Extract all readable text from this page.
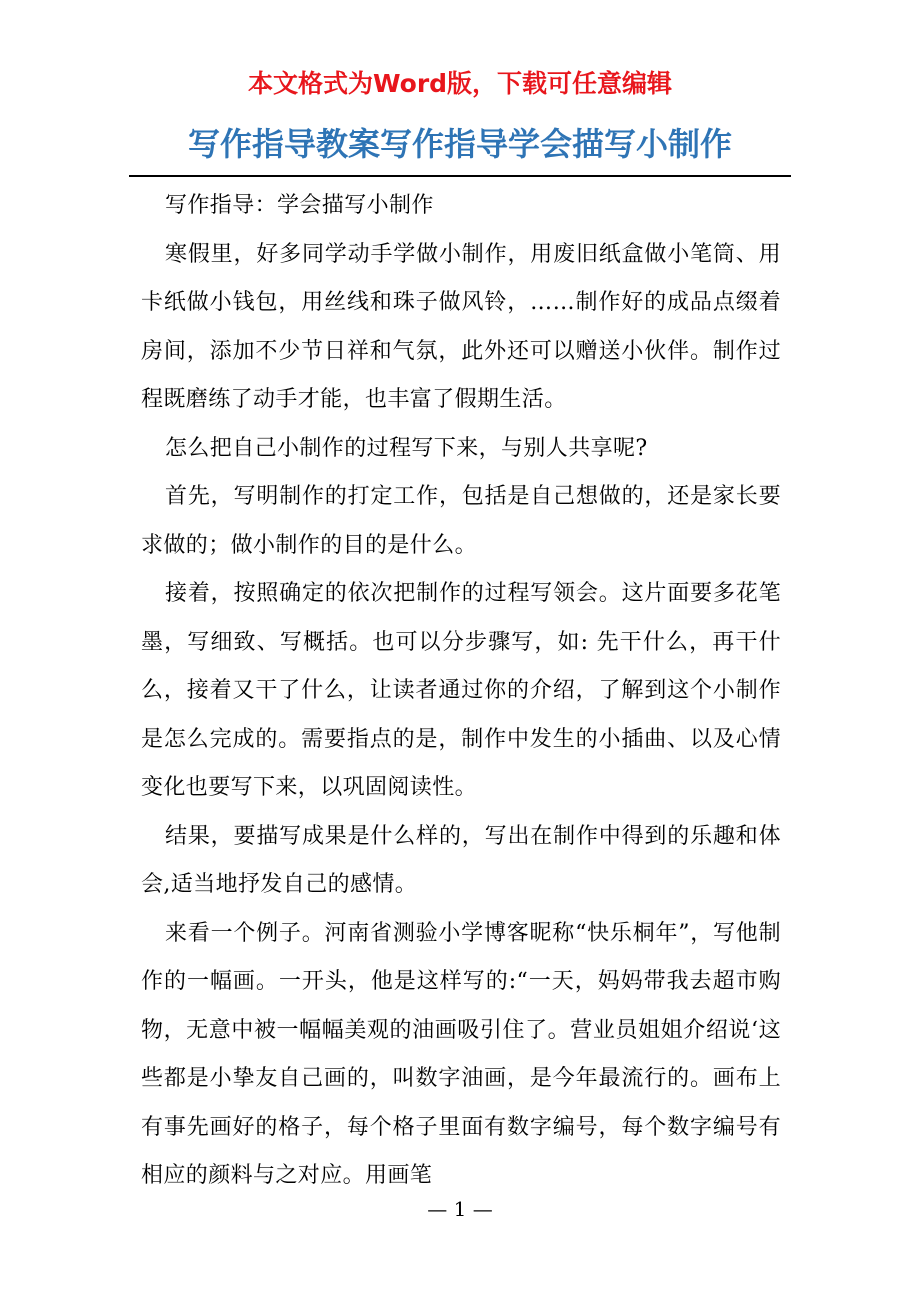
本文格式为Word版，下载可任意编辑
写作指导教案写作指导学会描写小制作

写作指导：学会描写小制作

寒假里，好多同学动手学做小制作，用废旧纸盒做小笔筒、用卡纸做小钱包，用丝线和珠子做风铃，……制作好的成品点缀着房间，添加不少节日祥和气氛，此外还可以赠送小伙伴。制作过程既磨练了动手才能，也丰富了假期生活。

怎么把自己小制作的过程写下来，与别人共享呢?

首先，写明制作的打定工作，包括是自己想做的，还是家长要求做的；做小制作的目的是什么。

接着，按照确定的依次把制作的过程写领会。这片面要多花笔墨，写细致、写概括。也可以分步骤写，如: 先干什么，再干什么，接着又干了什么，让读者通过你的介绍，了解到这个小制作是怎么完成的。需要指点的是，制作中发生的小插曲、以及心情变化也要写下来，以巩固阅读性。

结果，要描写成果是什么样的，写出在制作中得到的乐趣和体会,适当地抒发自己的感情。

来看一个例子。河南省测验小学博客昵称“快乐桐年”，写他制作的一幅画。一开头，他是这样写的:“一天，妈妈带我去超市购物，无意中被一幅幅美观的油画吸引住了。营业员姐姐介绍说‘这些都是小挚友自己画的，叫数字油画，是今年最流行的。画布上有事先画好的格子，每个格子里面有数字编号，每个数字编号有相应的颜料与之对应。用画笔

— 1 —
